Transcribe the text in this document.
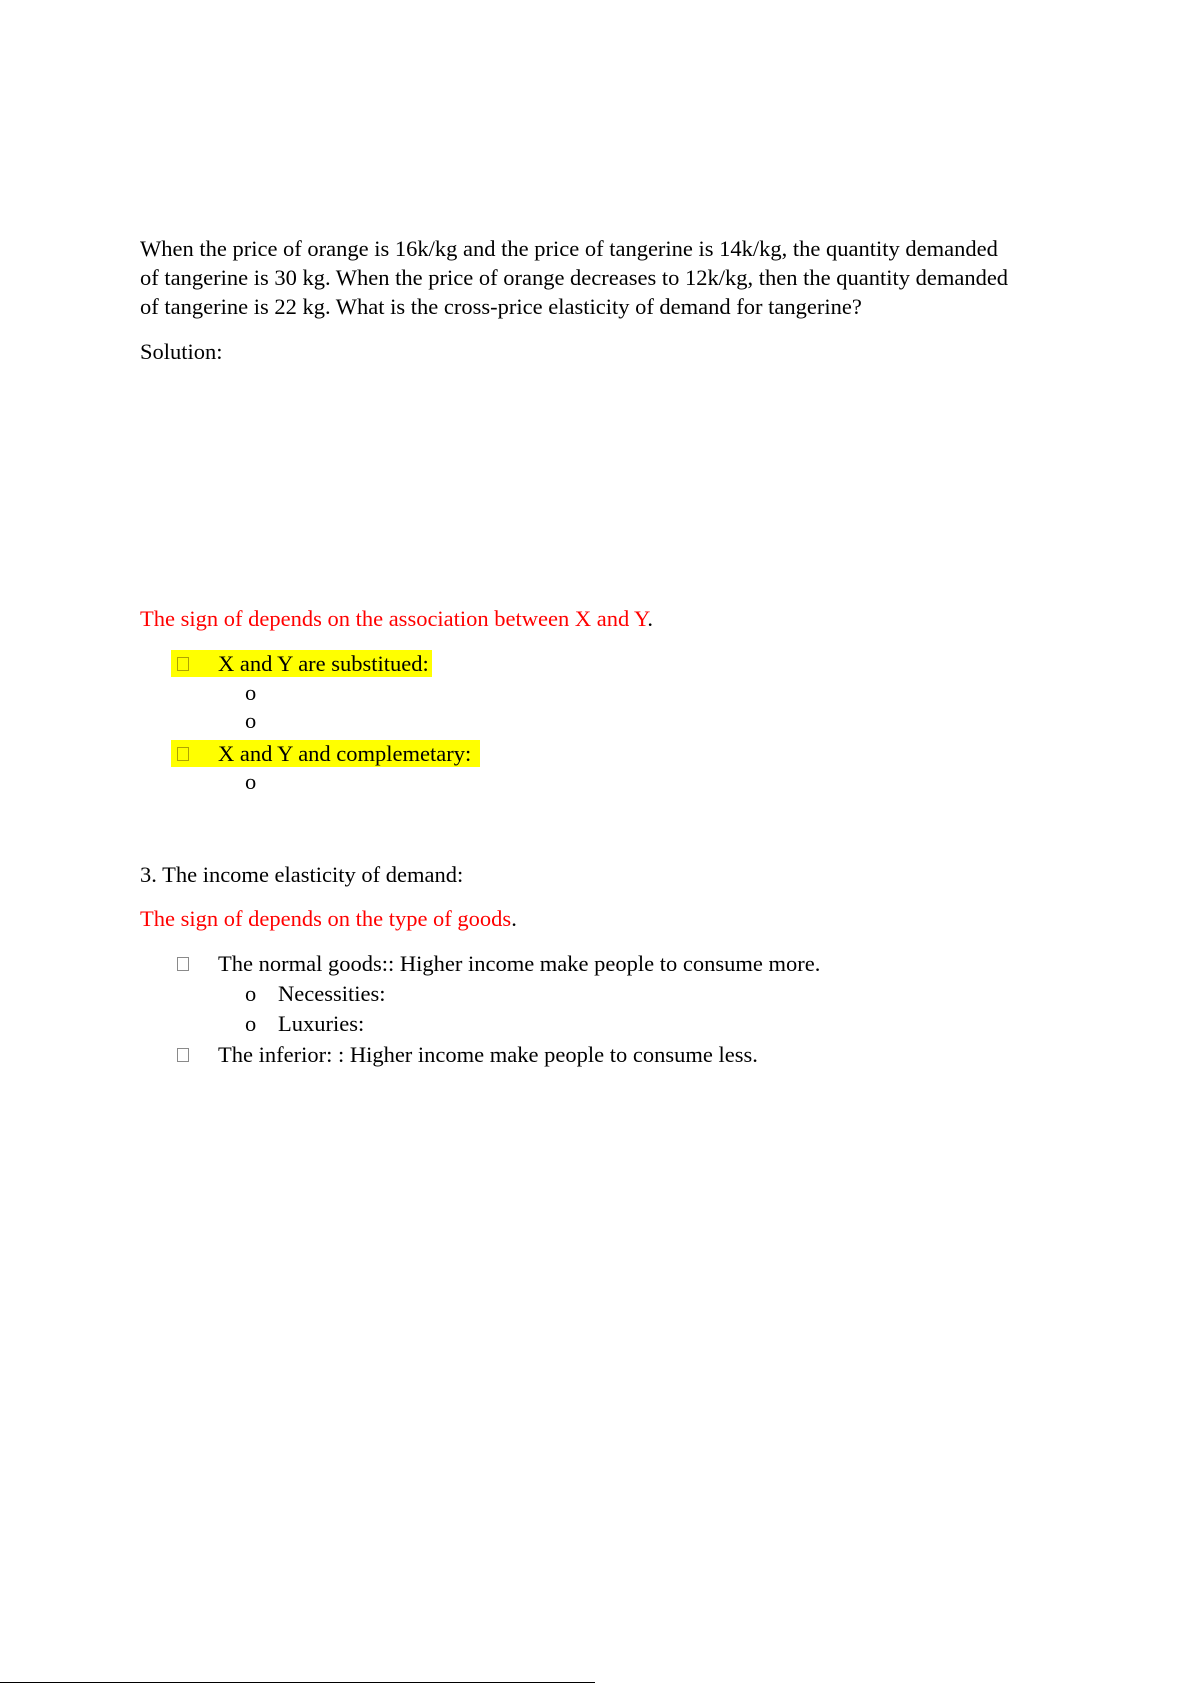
When the price of orange is 16k/kg and the price of tangerine is 14k/kg, the quantity demanded
of tangerine is 30 kg. When the price of orange decreases to 12k/kg, then the quantity demanded
of tangerine is 22 kg. What is the cross-price elasticity of demand for tangerine?
Solution:
The sign of depends on the association between X and Y.
X and Y are substitued:
o
o
X and Y and complemetary:
o
3. The income elasticity of demand:
The sign of depends on the type of goods.
The normal goods:: Higher income make people to consume more.
o Necessities:
o Luxuries:
The inferior: : Higher income make people to consume less.
